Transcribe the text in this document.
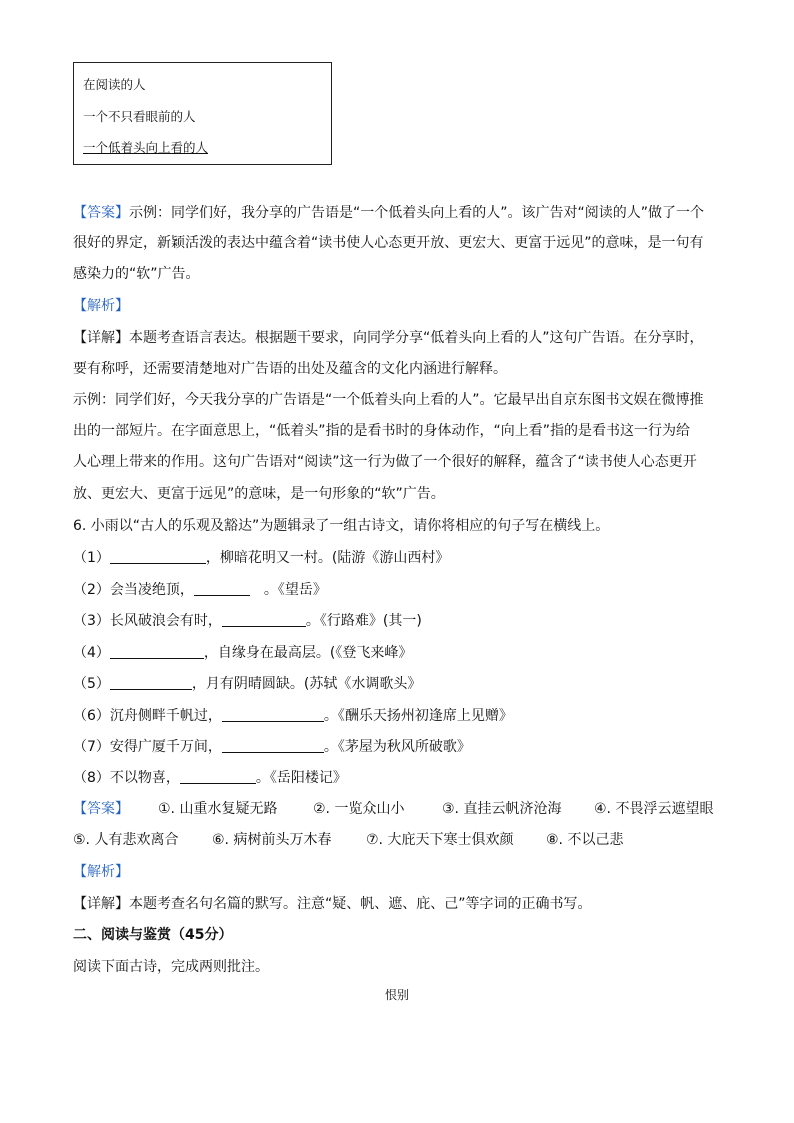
在阅读的人
一个不只看眼前的人
一个低着头向上看的人
【答案】示例：同学们好，我分享的广告语是“一个低着头向上看的人”。该广告对“阅读的人”做了一个
很好的界定，新颖活泼的表达中蕴含着“读书使人心态更开放、更宏大、更富于远见”的意味，是一句有
感染力的“软”广告。
【解析】
【详解】本题考查语言表达。根据题干要求，向同学分享“低着头向上看的人”这句广告语。在分享时，
要有称呼，还需要清楚地对广告语的出处及蕴含的文化内涵进行解释。
示例：同学们好，今天我分享的广告语是“一个低着头向上看的人”。它最早出自京东图书文娱在微博推
出的一部短片。在字面意思上，“低着头”指的是看书时的身体动作，“向上看”指的是看书这一行为给
人心理上带来的作用。这句广告语对“阅读”这一行为做了一个很好的解释，蕴含了“读书使人心态更开
放、更宏大、更富于远见”的意味，是一句形象的“软”广告。
6. 小雨以“古人的乐观及豁达”为题辑录了一组古诗文，请你将相应的句子写在横线上。
（1）	，柳暗花明又一村。(陆游《游山西村》
（2）会当凌绝顶，	。《望岳》
（3）长风破浪会有时，	。《行路难》(其一)
（4）	，自缘身在最高层。(《登飞来峰》
（5）	，月有阴晴圆缺。(苏轼《水调歌头》
（6）沉舟侧畔千帆过，	。《酬乐天扬州初逢席上见赠》
（7）安得广厦千万间，	。《茅屋为秋风所破歌》
（8）不以物喜，	。《岳阳楼记》
【答案】 ①. 山重水复疑无路	②. 一览众山小	③. 直挂云帆济沧海 ④. 不畏浮云遮望眼
⑤. 人有悲欢离合 ⑥. 病树前头万木春 ⑦. 大庇天下寒士俱欢颜 ⑧. 不以己悲
【解析】
【详解】本题考查名句名篇的默写。注意“疑、帆、遮、庇、己”等字词的正确书写。
二、阅读与鉴赏（45分）
阅读下面古诗，完成两则批注。
恨别
